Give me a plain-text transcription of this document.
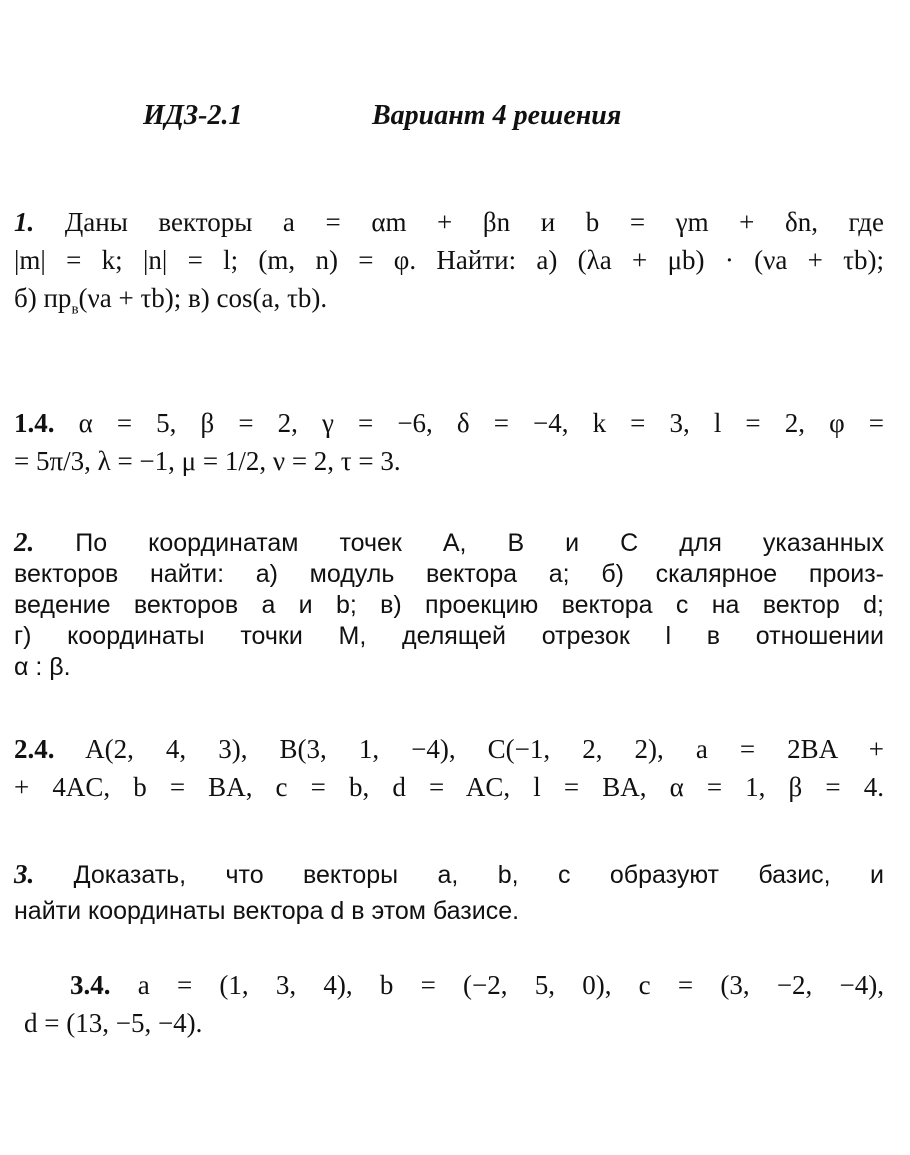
ИДЗ-2.1	Вариант 4 решения
1. Даны векторы a = αm + βn и b = γm + δn, где
|m| = k; |n| = l; (m, n) = φ. Найти: а) (λa + μb) · (νa + τb);
б) $пр_в(\nu a + \tau b)$; в) cos(a, τb).
1.4. α = 5, β = 2, γ = −6, δ = −4, k = 3, l = 2, φ =
= 5π/3, λ = −1, μ = 1/2, ν = 2, τ = 3.
2. По координатам точек A, B и C для указанных
векторов найти: а) модуль вектора a; б) скалярное произ-
ведение векторов a и b; в) проекцию вектора c на вектор d;
г) координаты точки M, делящей отрезок l в отношении
α : β.
2.4. A(2, 4, 3), B(3, 1, −4), C(−1, 2, 2), a = 2BA +
+ 4AC, b = BA, c = b, d = AC, l = BA, α = 1, β = 4.
3. Доказать, что векторы a, b, c образуют базис, и
найти координаты вектора d в этом базисе.
3.4. a = (1, 3, 4), b = (−2, 5, 0), c = (3, −2, −4),
d = (13, −5, −4).
